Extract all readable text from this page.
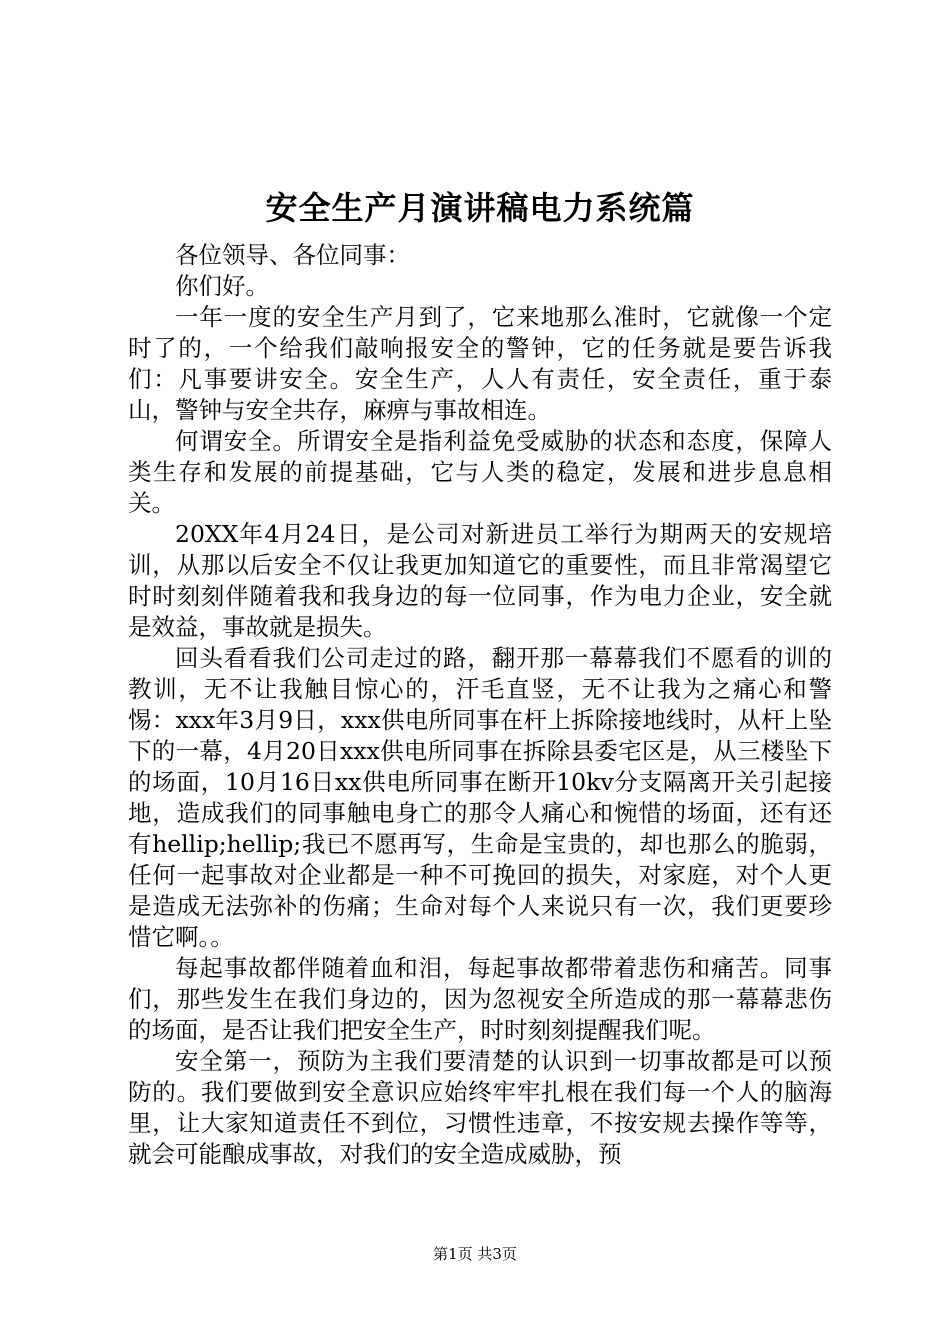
安全生产月演讲稿电力系统篇

各位领导、各位同事：

你们好。

一年一度的安全生产月到了，它来地那么准时，它就像一个定时了的，一个给我们敲响报安全的警钟，它的任务就是要告诉我们：凡事要讲安全。安全生产，人人有责任，安全责任，重于泰山，警钟与安全共存，麻痹与事故相连。

何谓安全。所谓安全是指利益免受威胁的状态和态度，保障人类生存和发展的前提基础，它与人类的稳定，发展和进步息息相关。

20XX年4月24日，是公司对新进员工举行为期两天的安规培训，从那以后安全不仅让我更加知道它的重要性，而且非常渴望它时时刻刻伴随着我和我身边的每一位同事，作为电力企业，安全就是效益，事故就是损失。

回头看看我们公司走过的路，翻开那一幕幕我们不愿看的训的教训，无不让我触目惊心的，汗毛直竖，无不让我为之痛心和警惕：xxx年3月9日，xxx供电所同事在杆上拆除接地线时，从杆上坠下的一幕，4月20日xxx供电所同事在拆除县委宅区是，从三楼坠下的场面，10月16日xx供电所同事在断开10kv分支隔离开关引起接地，造成我们的同事触电身亡的那令人痛心和惋惜的场面，还有还有hellip;hellip;我已不愿再写，生命是宝贵的，却也那么的脆弱，任何一起事故对企业都是一种不可挽回的损失，对家庭，对个人更是造成无法弥补的伤痛；生命对每个人来说只有一次，我们更要珍惜它啊。。

每起事故都伴随着血和泪，每起事故都带着悲伤和痛苦。同事们，那些发生在我们身边的，因为忽视安全所造成的那一幕幕悲伤的场面，是否让我们把安全生产，时时刻刻提醒我们呢。

安全第一，预防为主我们要清楚的认识到一切事故都是可以预防的。我们要做到安全意识应始终牢牢扎根在我们每一个人的脑海里，让大家知道责任不到位，习惯性违章，不按安规去操作等等，就会可能酿成事故，对我们的安全造成威胁，预

第1页 共3页
